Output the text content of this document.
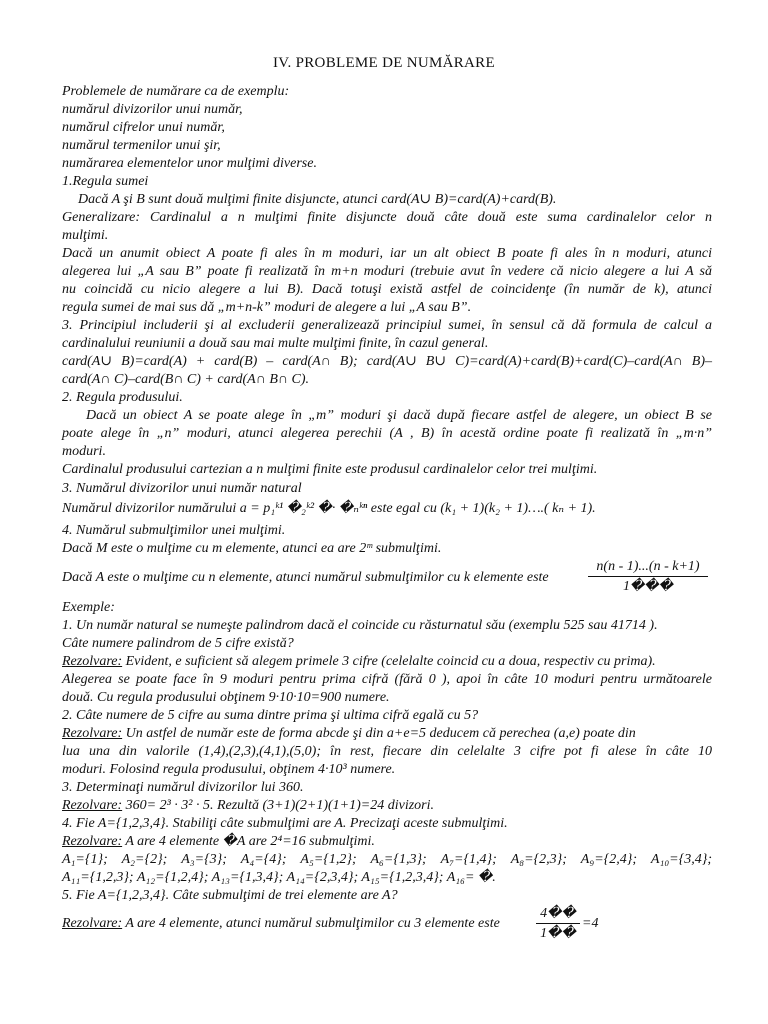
IV. PROBLEME DE NUMĂRARE
Problemele de numărare ca de exemplu:
numărul divizorilor unui număr,
numărul cifrelor unui număr,
numărul termenilor unui şir,
numărarea elementelor unor mulţimi diverse.
1.Regula sumei
Dacă A şi B sunt două mulţimi finite disjuncte, atunci card(A∪ B)=card(A)+card(B).
Generalizare: Cardinalul a n mulţimi finite disjuncte două câte două este suma cardinalelor celor n
mulţimi.
Dacă un anumit obiect A poate fi ales în m moduri, iar un alt obiect B poate fi ales în n moduri, atunci
alegerea lui „A sau B” poate fi realizată în m+n moduri (trebuie avut în vedere că nicio alegere a lui A să
nu coincidă cu nicio alegere a lui B). Dacă totuşi există astfel de coincidenţe (în număr de k), atunci
regula sumei de mai sus dă „m+n-k” moduri de alegere a lui „A sau B”.
3. Principiul includerii şi al excluderii generalizează principiul sumei, în sensul că dă formula de calcul a
cardinalului reuniunii a două sau mai multe mulţimi finite, în cazul general.
card(A∪ B)=card(A) + card(B) – card(A∩ B); card(A∪ B∪ C)=card(A)+card(B)+card(C)–card(A∩ B)–
card(A∩ C)–card(B∩ C) + card(A∩ B∩ C).
2. Regula produsului.
Dacă un obiect A se poate alege în „m” moduri şi dacă după fiecare astfel de alegere, un obiect B se
poate alege în „n” moduri, atunci alegerea perechii (A , B) în acestă ordine poate fi realizată în „m·n”
moduri.
Cardinalul produsului cartezian a n mulţimi finite este produsul cardinalelor celor trei mulţimi.
3. Numărul divizorilor unui număr natural
Numărul divizorilor numărului a = p₁ᵏ¹ �₂ᵏ² �· �ₙᵏⁿ este egal cu (k₁ + 1)(k₂ + 1)….( kₙ + 1).
4. Numărul submulţimilor unei mulţimi.
Dacă M este o mulţime cu m elemente, atunci ea are 2ᵐ submulţimi.
Dacă A este o mulţime cu n elemente, atunci numărul submulţimilor cu k elemente este	$\frac{n(n - 1)...(n - k+1)}{1���}$
Exemple:
1. Un număr natural se numeşte palindrom dacă el coincide cu răsturnatul său (exemplu 525 sau 41714 ).
Câte numere palindrom de 5 cifre există?
Rezolvare: Evident, e suficient să alegem primele 3 cifre (celelalte coincid cu a doua, respectiv cu prima).
Alegerea se poate face în 9 moduri pentru prima cifră (fără 0 ), apoi în câte 10 moduri pentru următoarele
două. Cu regula produsului obţinem 9·10·10=900 numere.
2. Câte numere de 5 cifre au suma dintre prima şi ultima cifră egală cu 5?
Rezolvare: Un astfel de număr este de forma abcde şi din a+e=5 deducem că perechea (a,e) poate din
lua una din valorile (1,4),(2,3),(4,1),(5,0); în rest, fiecare din celelalte 3 cifre pot fi alese în câte 10
moduri. Folosind regula produsului, obţinem 4·10³ numere.
3. Determinaţi numărul divizorilor lui 360.
Rezolvare: 360= 2³ · 3² · 5. Rezultă (3+1)(2+1)(1+1)=24 divizori.
4. Fie A={1,2,3,4}. Stabiliţi câte submulţimi are A. Precizaţi aceste submulţimi.
Rezolvare: A are 4 elemente �A are 2⁴=16 submulţimi.
A₁={1}; A₂={2}; A₃={3}; A₄={4}; A₅={1,2}; A₆={1,3}; A₇={1,4}; A₈={2,3}; A₉={2,4}; A₁₀={3,4};
A₁₁={1,2,3}; A₁₂={1,2,4}; A₁₃={1,3,4}; A₁₄={2,3,4}; A₁₅={1,2,3,4}; A₁₆= �.
5. Fie A={1,2,3,4}. Câte submulţimi de trei elemente are A?
Rezolvare: A are 4 elemente, atunci numărul submulţimilor cu 3 elemente este	$\frac{4��}{1��} =4$
